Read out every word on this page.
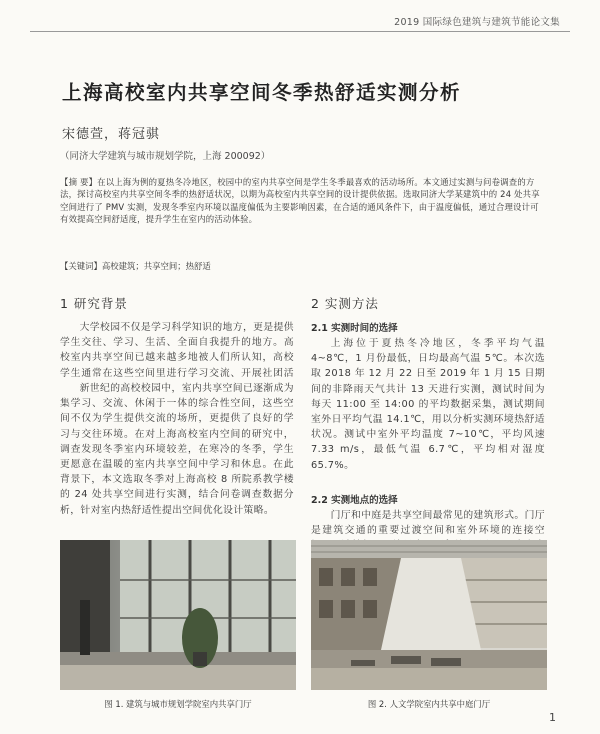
2019 国际绿色建筑与建筑节能论文集
上海高校室内共享空间冬季热舒适实测分析
宋德萱，蒋冠骐
（同济大学建筑与城市规划学院，上海 200092）
【摘 要】在以上海为例的夏热冬冷地区，校园中的室内共享空间是学生冬季最喜欢的活动场所。本文通过实测与问卷调查的方法，探讨高校室内共享空间冬季的热舒适状况，以期为高校室内共享空间的设计提供依据。选取同济大学某建筑中的 24 处共享空间进行了 PMV 实测，发现冬季室内环境以温度偏低为主要影响因素，在合适的通风条件下，由于温度偏低，通过合理设计可有效提高空间舒适度，提升学生在室内的活动体验。
【关键词】高校建筑；共享空间；热舒适
1 研究背景
大学校园不仅是学习科学知识的地方，更是提供学生交往、学习、生活、全面自我提升的地方。高校室内共享空间已越来越多地被人们所认知，高校学生通常在这些空间里进行学习交流、开展社团活
新世纪的高校校园中，室内共享空间已逐渐成为集学习、交流、休闲于一体的综合性空间，这些空间不仅为学生提供交流的场所，更提供了良好的学习与交往环境。在对上海高校室内空间的研究中，调查发现冬季室内环境较差，在寒冷的冬季，学生更愿意在温暖的室内共享空间中学习和休息。在此背景下，本文选取冬季对上海高校 8 所院系教学楼的 24 处共享空间进行实测，结合问卷调查数据分析，针对室内热舒适性提出空间优化设计策略。
2 实测方法
2.1 实测时间的选择
上海位于夏热冬冷地区，冬季平均气温 4~8℃，1 月份最低，日均最高气温 5℃。本次选取 2018 年 12 月 22 日至 2019 年 1 月 15 日期间的非降雨天气共计 13 天进行实测，测试时间为每天 11:00 至 14:00 的平均数据采集，测试期间室外日平均气温 14.1℃，用以分析实测环境热舒适状况。测试中室外平均温度 7~10℃，平均风速 7.33 m/s，最低气温 6.7℃，平均相对湿度 65.7%。
2.2 实测地点的选择
门厅和中庭是共享空间最常见的建筑形式。门厅是建筑交通的重要过渡空间和室外环境的连接空
图 1. 建筑与城市规划学院室内共享门厅	图 2. 人文学院室内共享中庭门厅
1
